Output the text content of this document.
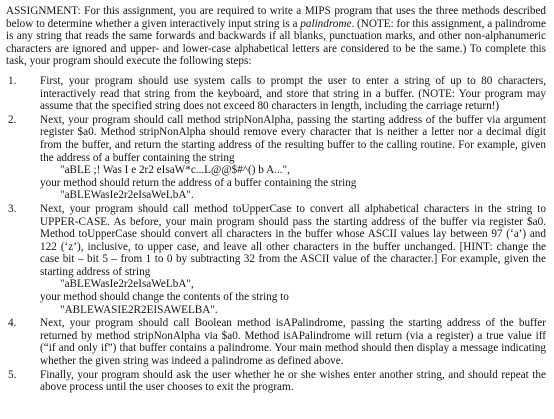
ASSIGNMENT: For this assignment, you are required to write a MIPS program that uses the three methods described below to determine whether a given interactively input string is a palindrome. (NOTE: for this assignment, a palindrome is any string that reads the same forwards and backwards if all blanks, punctuation marks, and other non-alphanumeric characters are ignored and upper- and lower-case alphabetical letters are considered to be the same.) To complete this task, your program should execute the following steps:

1.	First, your program should use system calls to prompt the user to enter a string of up to 80 characters, interactively read that string from the keyboard, and store that string in a buffer. (NOTE: Your program may assume that the specified string does not exceed 80 characters in length, including the carriage return!)
2.	Next, your program should call method stripNonAlpha, passing the starting address of the buffer via argument register $a0. Method stripNonAlpha should remove every character that is neither a letter nor a decimal digit from the buffer, and return the starting address of the resulting buffer to the calling routine. For example, given the address of a buffer containing the string
"aBLE ;! Was I e 2r2 eIsaW*c...L@@$#^() b A...",
your method should return the address of a buffer containing the string
"aBLEWasIe2r2eIsaWeLbA".
3.	Next, your program should call method toUpperCase to convert all alphabetical characters in the string to UPPER-CASE. As before, your main program should pass the starting address of the buffer via register $a0. Method toUpperCase should convert all characters in the buffer whose ASCII values lay between 97 (‘a’) and 122 (‘z’), inclusive, to upper case, and leave all other characters in the buffer unchanged. [HINT: change the case bit – bit 5 – from 1 to 0 by subtracting 32 from the ASCII value of the character.] For example, given the starting address of string
"aBLEWasIe2r2eIsaWeLbA",
your method should change the contents of the string to
"ABLEWASIE2R2EISAWELBA".
4.	Next, your program should call Boolean method isAPalindrome, passing the starting address of the buffer returned by method stripNonAlpha via $a0. Method isAPalindrome will return (via a register) a true value iff (“if and only if”) that buffer contains a palindrome. Your main method should then display a message indicating whether the given string was indeed a palindrome as defined above.
5.	Finally, your program should ask the user whether he or she wishes enter another string, and should repeat the above process until the user chooses to exit the program.
